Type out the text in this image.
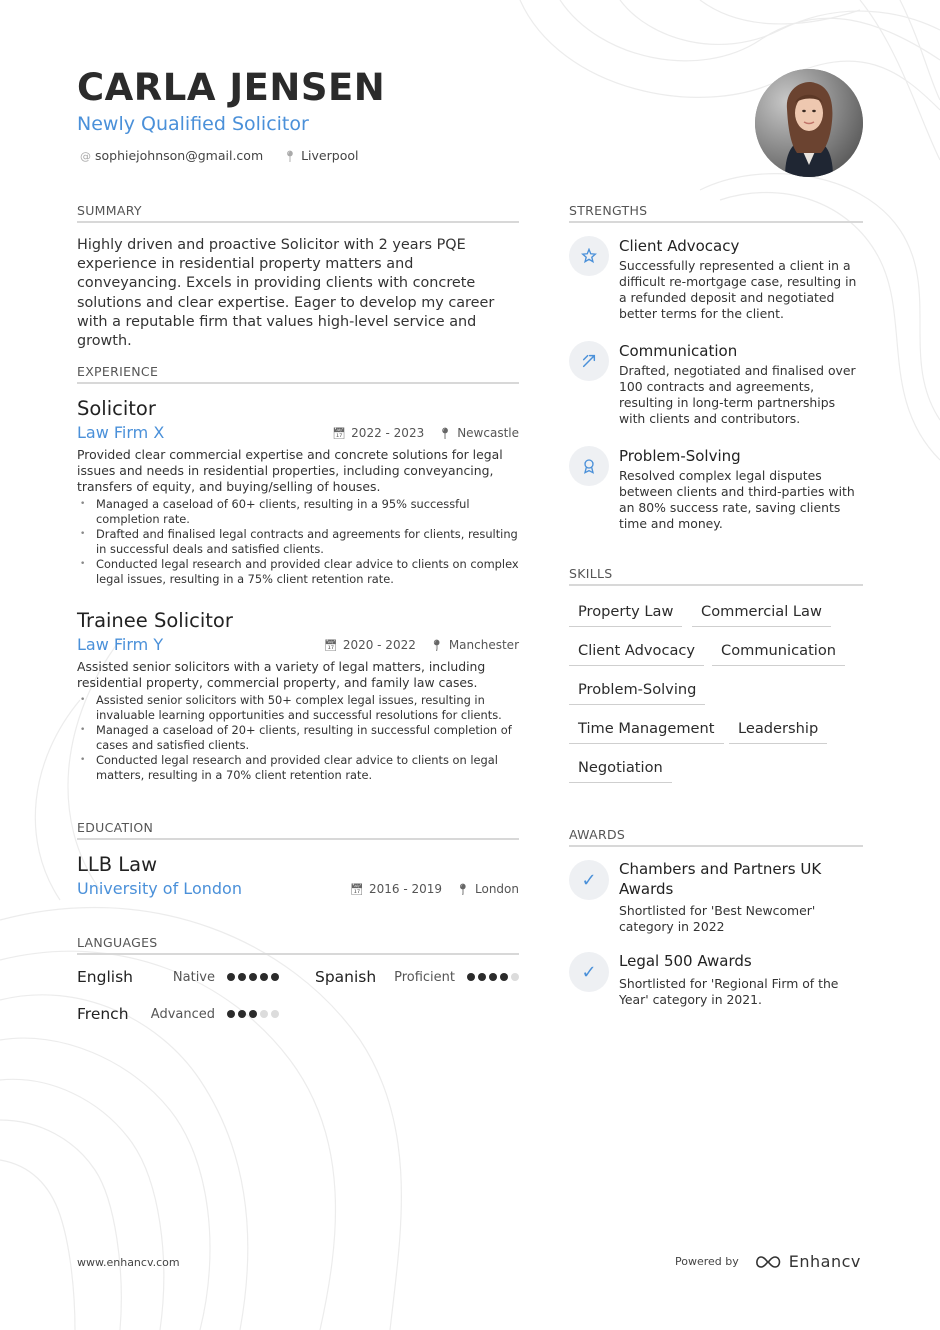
CARLA JENSEN
Newly Qualified Solicitor
@ sophiejohnson@gmail.com 📍︎ Liverpool
SUMMARY
Highly driven and proactive Solicitor with 2 years PQE experience in residential property matters and conveyancing. Excels in providing clients with concrete solutions and clear expertise. Eager to develop my career with a reputable firm that values high-level service and growth.
EXPERIENCE
Solicitor
Law Firm X	📅︎ 2022 - 2023 📍︎ Newcastle
Provided clear commercial expertise and concrete solutions for legal issues and needs in residential properties, including conveyancing, transfers of equity, and buying/selling of houses.
• Managed a caseload of 60+ clients, resulting in a 95% successful completion rate.
• Drafted and finalised legal contracts and agreements for clients, resulting in successful deals and satisfied clients.
• Conducted legal research and provided clear advice to clients on complex legal issues, resulting in a 75% client retention rate.
Trainee Solicitor
Law Firm Y	📅︎ 2020 - 2022 📍︎ Manchester
Assisted senior solicitors with a variety of legal matters, including residential property, commercial property, and family law cases.
• Assisted senior solicitors with 50+ complex legal issues, resulting in invaluable learning opportunities and successful resolutions for clients.
• Managed a caseload of 20+ clients, resulting in successful completion of cases and satisfied clients.
• Conducted legal research and provided clear advice to clients on legal matters, resulting in a 70% client retention rate.
EDUCATION
LLB Law
University of London	📅︎ 2016 - 2019 📍︎ London
LANGUAGES
English	Native	Spanish Proficient
French Advanced
STRENGTHS
Client Advocacy
Successfully represented a client in a difficult re-mortgage case, resulting in a refunded deposit and negotiated better terms for the client.
Communication
Drafted, negotiated and finalised over 100 contracts and agreements, resulting in long-term partnerships with clients and contributors.
Problem-Solving
Resolved complex legal disputes between clients and third-parties with an 80% success rate, saving clients time and money.
SKILLS
Property Law	Commercial Law
Client Advocacy	Communication
Problem-Solving
Time Management	Leadership
Negotiation
AWARDS
✓
Chambers and Partners UK Awards
Shortlisted for 'Best Newcomer' category in 2022
✓
Legal 500 Awards
Shortlisted for 'Regional Firm of the Year' category in 2021.
www.enhancv.com	Powered by	Enhancv
